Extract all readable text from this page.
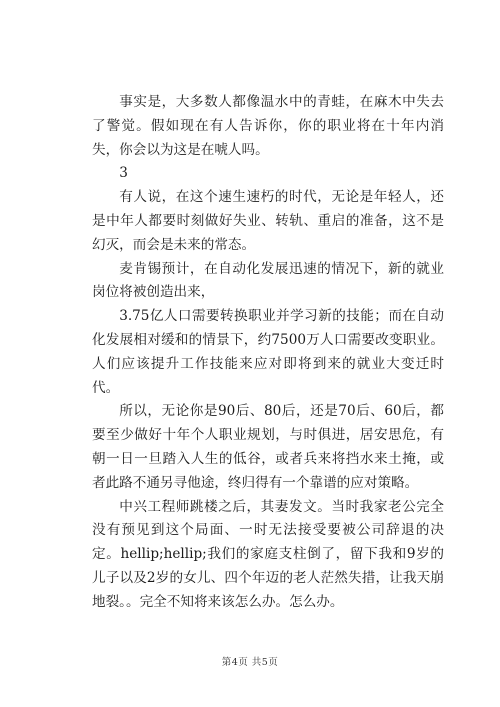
事实是，大多数人都像温水中的青蛙，在麻木中失去了警觉。假如现在有人告诉你，你的职业将在十年内消失，你会以为这是在唬人吗。

3

有人说，在这个速生速朽的时代，无论是年轻人，还是中年人都要时刻做好失业、转轨、重启的准备，这不是幻灭，而会是未来的常态。

麦肯锡预计，在自动化发展迅速的情况下，新的就业岗位将被创造出来，

3.75亿人口需要转换职业并学习新的技能；而在自动化发展相对缓和的情景下，约7500万人口需要改变职业。人们应该提升工作技能来应对即将到来的就业大变迁时代。

所以，无论你是90后、80后，还是70后、60后，都要至少做好十年个人职业规划，与时俱进，居安思危，有朝一日一旦踏入人生的低谷，或者兵来将挡水来土掩，或者此路不通另寻他途，终归得有一个靠谱的应对策略。

中兴工程师跳楼之后，其妻发文。当时我家老公完全没有预见到这个局面、一时无法接受要被公司辞退的决定。hellip;hellip;我们的家庭支柱倒了，留下我和9岁的儿子以及2岁的女儿、四个年迈的老人茫然失措，让我天崩地裂。。完全不知将来该怎么办。怎么办。

第4页 共5页
